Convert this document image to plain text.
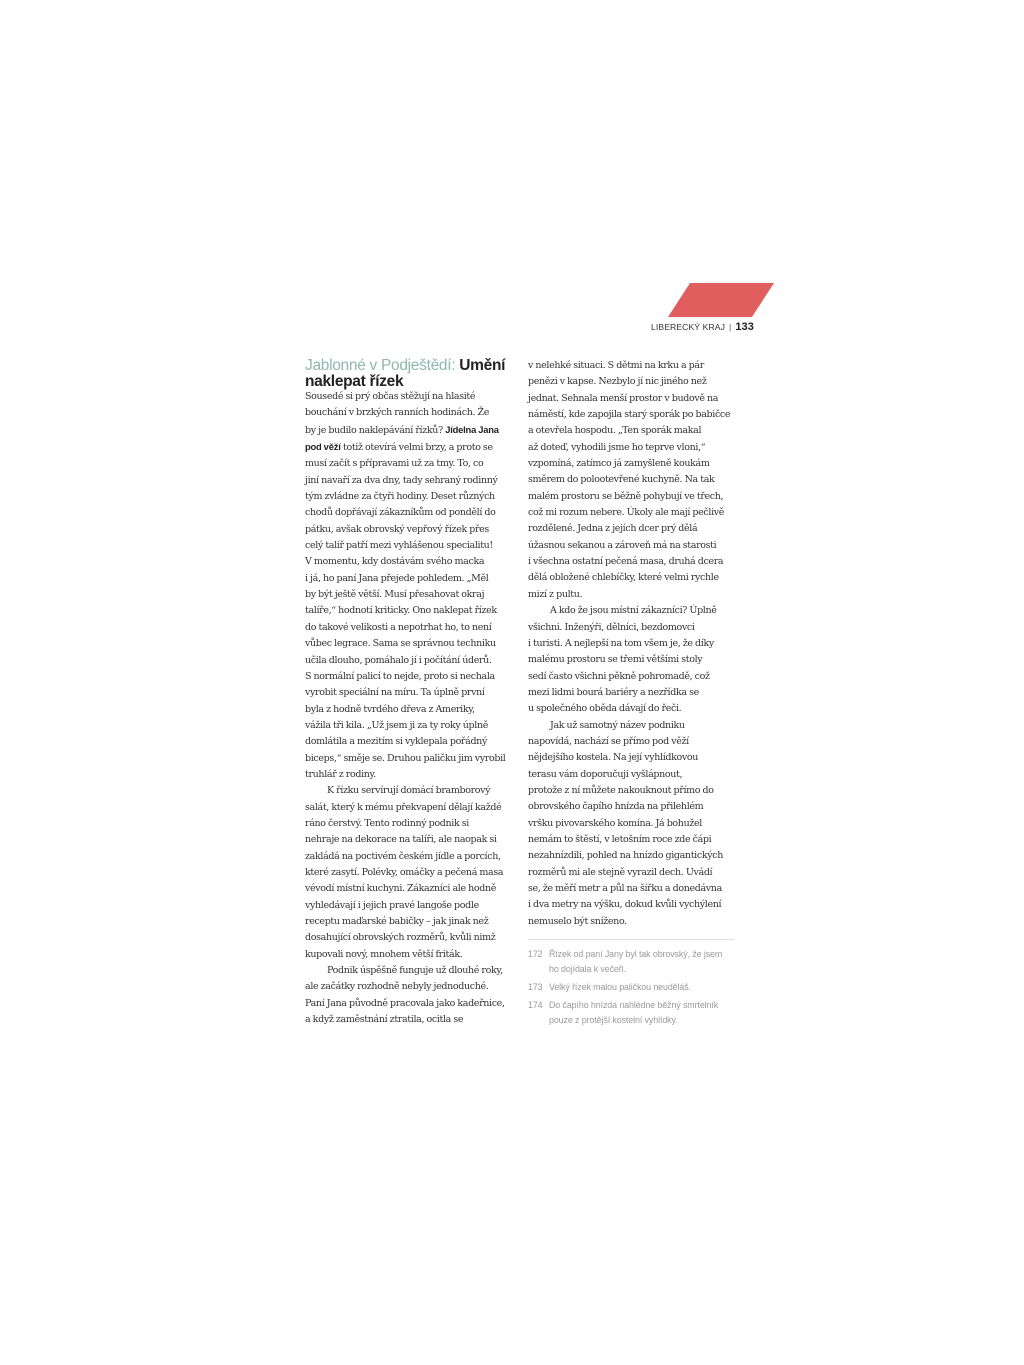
LIBERECKÝ KRAJ | 133
Jablonné v Podještědí: Umění
naklepat řízek

Sousedé si prý občas stěžují na hlasité

bouchání v brzkých ranních hodinách. Že

by je budilo naklepávání řízků? Jídelna Jana

pod věží totiž otevírá velmi brzy, a proto se

musí začít s přípravami už za tmy. To, co

jiní navaří za dva dny, tady sehraný rodinný

tým zvládne za čtyři hodiny. Deset různých

chodů dopřávají zákazníkům od pondělí do

pátku, avšak obrovský vepřový řízek přes

celý talíř patří mezi vyhlášenou specialitu!

V momentu, kdy dostávám svého macka

i já, ho paní Jana přejede pohledem. „Měl

by být ještě větší. Musí přesahovat okraj

talíře,“ hodnotí kriticky. Ono naklepat řízek

do takové velikosti a nepotrhat ho, to není

vůbec legrace. Sama se správnou techniku

učila dlouho, pomáhalo jí i počítání úderů.

S normální palicí to nejde, proto si nechala

vyrobit speciální na míru. Ta úplně první

byla z hodně tvrdého dřeva z Ameriky,

vážila tři kila. „Už jsem ji za ty roky úplně

domlátila a mezitím si vyklepala pořádný

biceps,“ směje se. Druhou paličku jim vyrobil

truhlář z rodiny.

K řízku servírují domácí bramborový

salát, který k mému překvapení dělají každé

ráno čerstvý. Tento rodinný podnik si

nehraje na dekorace na talíři, ale naopak si

zakládá na poctivém českém jídle a porcích,

které zasytí. Polévky, omáčky a pečená masa

vévodí místní kuchyni. Zákazníci ale hodně

vyhledávají i jejich pravé langoše podle

receptu maďarské babičky – jak jinak než

dosahující obrovských rozměrů, kvůli nimž

kupovali nový, mnohem větší friták.

Podnik úspěšně funguje už dlouhé roky,

ale začátky rozhodně nebyly jednoduché.

Paní Jana původně pracovala jako kadeřnice,

a když zaměstnání ztratila, ocitla se

v nelehké situaci. S dětmi na krku a pár

penězi v kapse. Nezbylo jí nic jiného než

jednat. Sehnala menší prostor v budově na

náměstí, kde zapojila starý sporák po babičce

a otevřela hospodu. „Ten sporák makal

až doteď, vyhodili jsme ho teprve vloni,“

vzpomíná, zatímco já zamyšleně koukám

směrem do polootevřené kuchyně. Na tak

malém prostoru se běžně pohybují ve třech,

což mi rozum nebere. Úkoly ale mají pečlivě

rozdělené. Jedna z jejích dcer prý dělá

úžasnou sekanou a zároveň má na starosti

i všechna ostatní pečená masa, druhá dcera

dělá obložené chlebíčky, které velmi rychle

mizí z pultu.

A kdo že jsou místní zákazníci? Úplně

všichni. Inženýři, dělníci, bezdomovci

i turisti. A nejlepší na tom všem je, že díky

malému prostoru se třemi většími stoly

sedí často všichni pěkně pohromadě, což

mezi lidmi bourá bariéry a nezřídka se

u společného oběda dávají do řeči.

Jak už samotný název podniku

napovídá, nachází se přímo pod věží

nějdejšího kostela. Na její vyhlídkovou

terasu vám doporučuji vyšlápnout,

protože z ní můžete nakouknout přímo do

obrovského čapího hnízda na přilehlém

vršku pivovarského komína. Já bohužel

nemám to štěstí, v letošním roce zde čápi

nezahnízdili, pohled na hnízdo gigantických

rozměrů mi ale stejně vyrazil dech. Uvádí

se, že měří metr a půl na šířku a donedávna

i dva metry na výšku, dokud kvůli vychýlení

nemuselo být sníženo.

172 Řízek od paní Jany byl tak obrovský, že jsem
ho dojídala k večeři.
173 Velký řízek malou paličkou neuděláš.
174 Do čapího hnízda nahlédne běžný smrtelník
pouze z protější kostelní vyhlídky.
